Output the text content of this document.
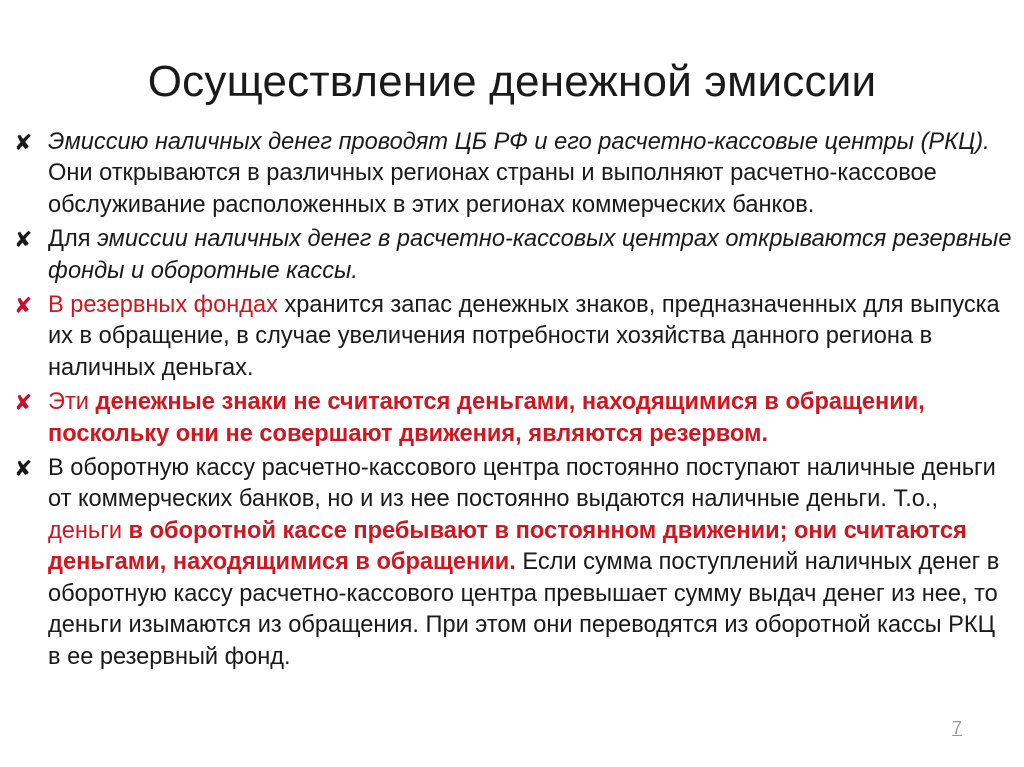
Осуществление денежной эмиссии
✘ Эмиссию наличных денег проводят ЦБ РФ и его расчетно-кассовые центры (РКЦ). Они открываются в различных регионах страны и выполняют расчетно-кассовое обслуживание расположенных в этих регионах коммерческих банков.
✘ Для эмиссии наличных денег в расчетно-кассовых центрах открываются резервные фонды и оборотные кассы.
✘ В резервных фондах хранится запас денежных знаков, предназначенных для выпуска их в обращение, в случае увеличения потребности хозяйства данного региона в наличных деньгах.
✘ Эти денежные знаки не считаются деньгами, находящимися в обращении, поскольку они не совершают движения, являются резервом.
✘ В оборотную кассу расчетно-кассового центра постоянно поступают наличные деньги от коммерческих банков, но и из нее постоянно выдаются наличные деньги. Т.о., деньги в оборотной кассе пребывают в постоянном движении; они считаются деньгами, находящимися в обращении. Если сумма поступлений наличных денег в оборотную кассу расчетно-кассового центра превышает сумму выдач денег из нее, то деньги изымаются из обращения. При этом они переводятся из оборотной кассы РКЦ в ее резервный фонд.
7
